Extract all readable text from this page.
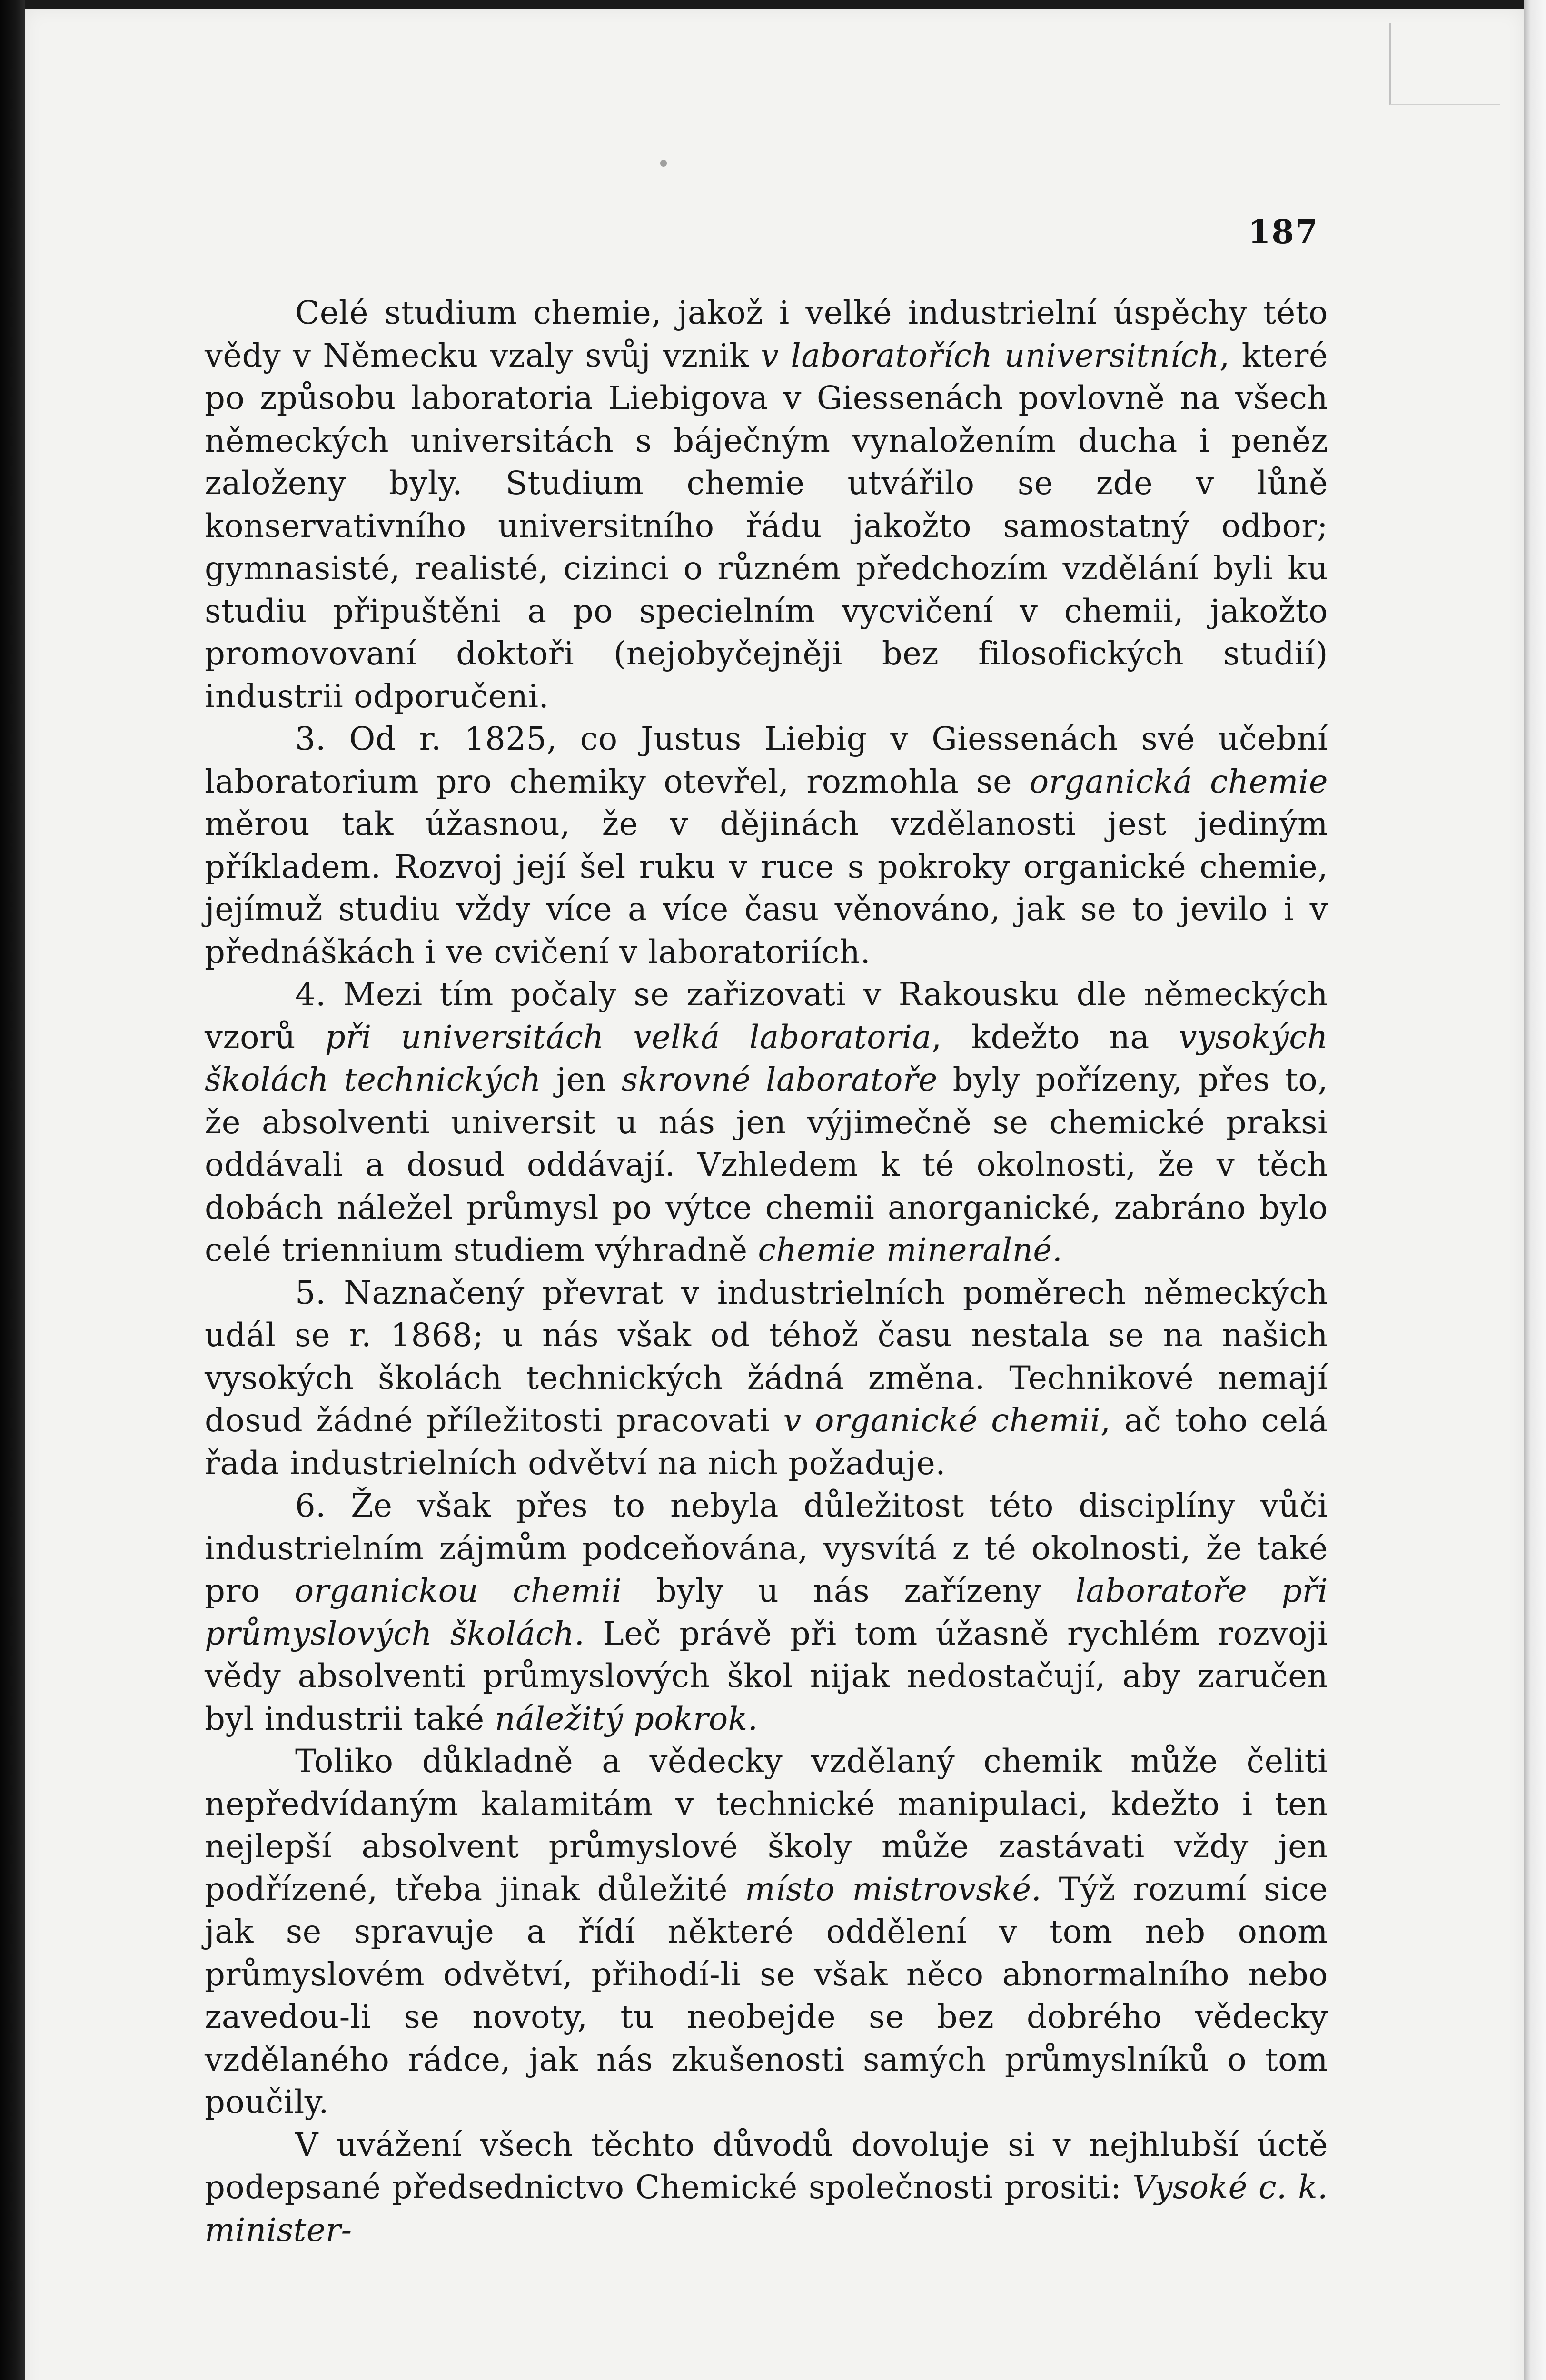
187

Celé studium chemie, jakož i velké industrielní úspěchy této vědy v Německu vzaly svůj vznik v laboratořích universitních, které po způsobu laboratoria Liebigova v Giessenách povlovně na všech německých universitách s báječným vynaložením ducha i peněz založeny byly. Studium chemie utvářilo se zde v lůně konservativního universitního řádu jakožto samostatný odbor; gymnasisté, realisté, cizinci o různém předchozím vzdělání byli ku studiu připuštěni a po specielním vycvičení v chemii, jakožto promovovaní doktoři (nejobyčejněji bez filosofických studií) industrii odporučeni.

3. Od r. 1825, co Justus Liebig v Giessenách své učební laboratorium pro chemiky otevřel, rozmohla se organická chemie měrou tak úžasnou, že v dějinách vzdělanosti jest jediným příkladem. Rozvoj její šel ruku v ruce s pokroky organické chemie, jejímuž studiu vždy více a více času věnováno, jak se to jevilo i v přednáškách i ve cvičení v laboratoriích.

4. Mezi tím počaly se zařizovati v Rakousku dle německých vzorů při universitách velká laboratoria, kdežto na vysokých školách technických jen skrovné laboratoře byly pořízeny, přes to, že absolventi universit u nás jen výjimečně se chemické praksi oddávali a dosud oddávají. Vzhledem k té okolnosti, že v těch dobách náležel průmysl po výtce chemii anorganické, zabráno bylo celé triennium studiem výhradně chemie mineralné.

5. Naznačený převrat v industrielních poměrech německých udál se r. 1868; u nás však od téhož času nestala se na našich vysokých školách technických žádná změna. Technikové nemají dosud žádné příležitosti pracovati v organické chemii, ač toho celá řada industrielních odvětví na nich požaduje.

6. Že však přes to nebyla důležitost této disciplíny vůči industrielním zájmům podceňována, vysvítá z té okolnosti, že také pro organickou chemii byly u nás zařízeny laboratoře při průmyslových školách. Leč právě při tom úžasně rychlém rozvoji vědy absolventi průmyslových škol nijak nedostačují, aby zaručen byl industrii také náležitý pokrok.

Toliko důkladně a vědecky vzdělaný chemik může čeliti nepředvídaným kalamitám v technické manipulaci, kdežto i ten nejlepší absolvent průmyslové školy může zastávati vždy jen podřízené, třeba jinak důležité místo mistrovské. Týž rozumí sice jak se spravuje a řídí některé oddělení v tom neb onom průmyslovém odvětví, přihodí-li se však něco abnormalního nebo zavedou-li se novoty, tu neobejde se bez dobrého vědecky vzdělaného rádce, jak nás zkušenosti samých průmyslníků o tom poučily.

V uvážení všech těchto důvodů dovoluje si v nejhlubší úctě podepsané předsednictvo Chemické společnosti prositi: Vysoké c. k. minister-
